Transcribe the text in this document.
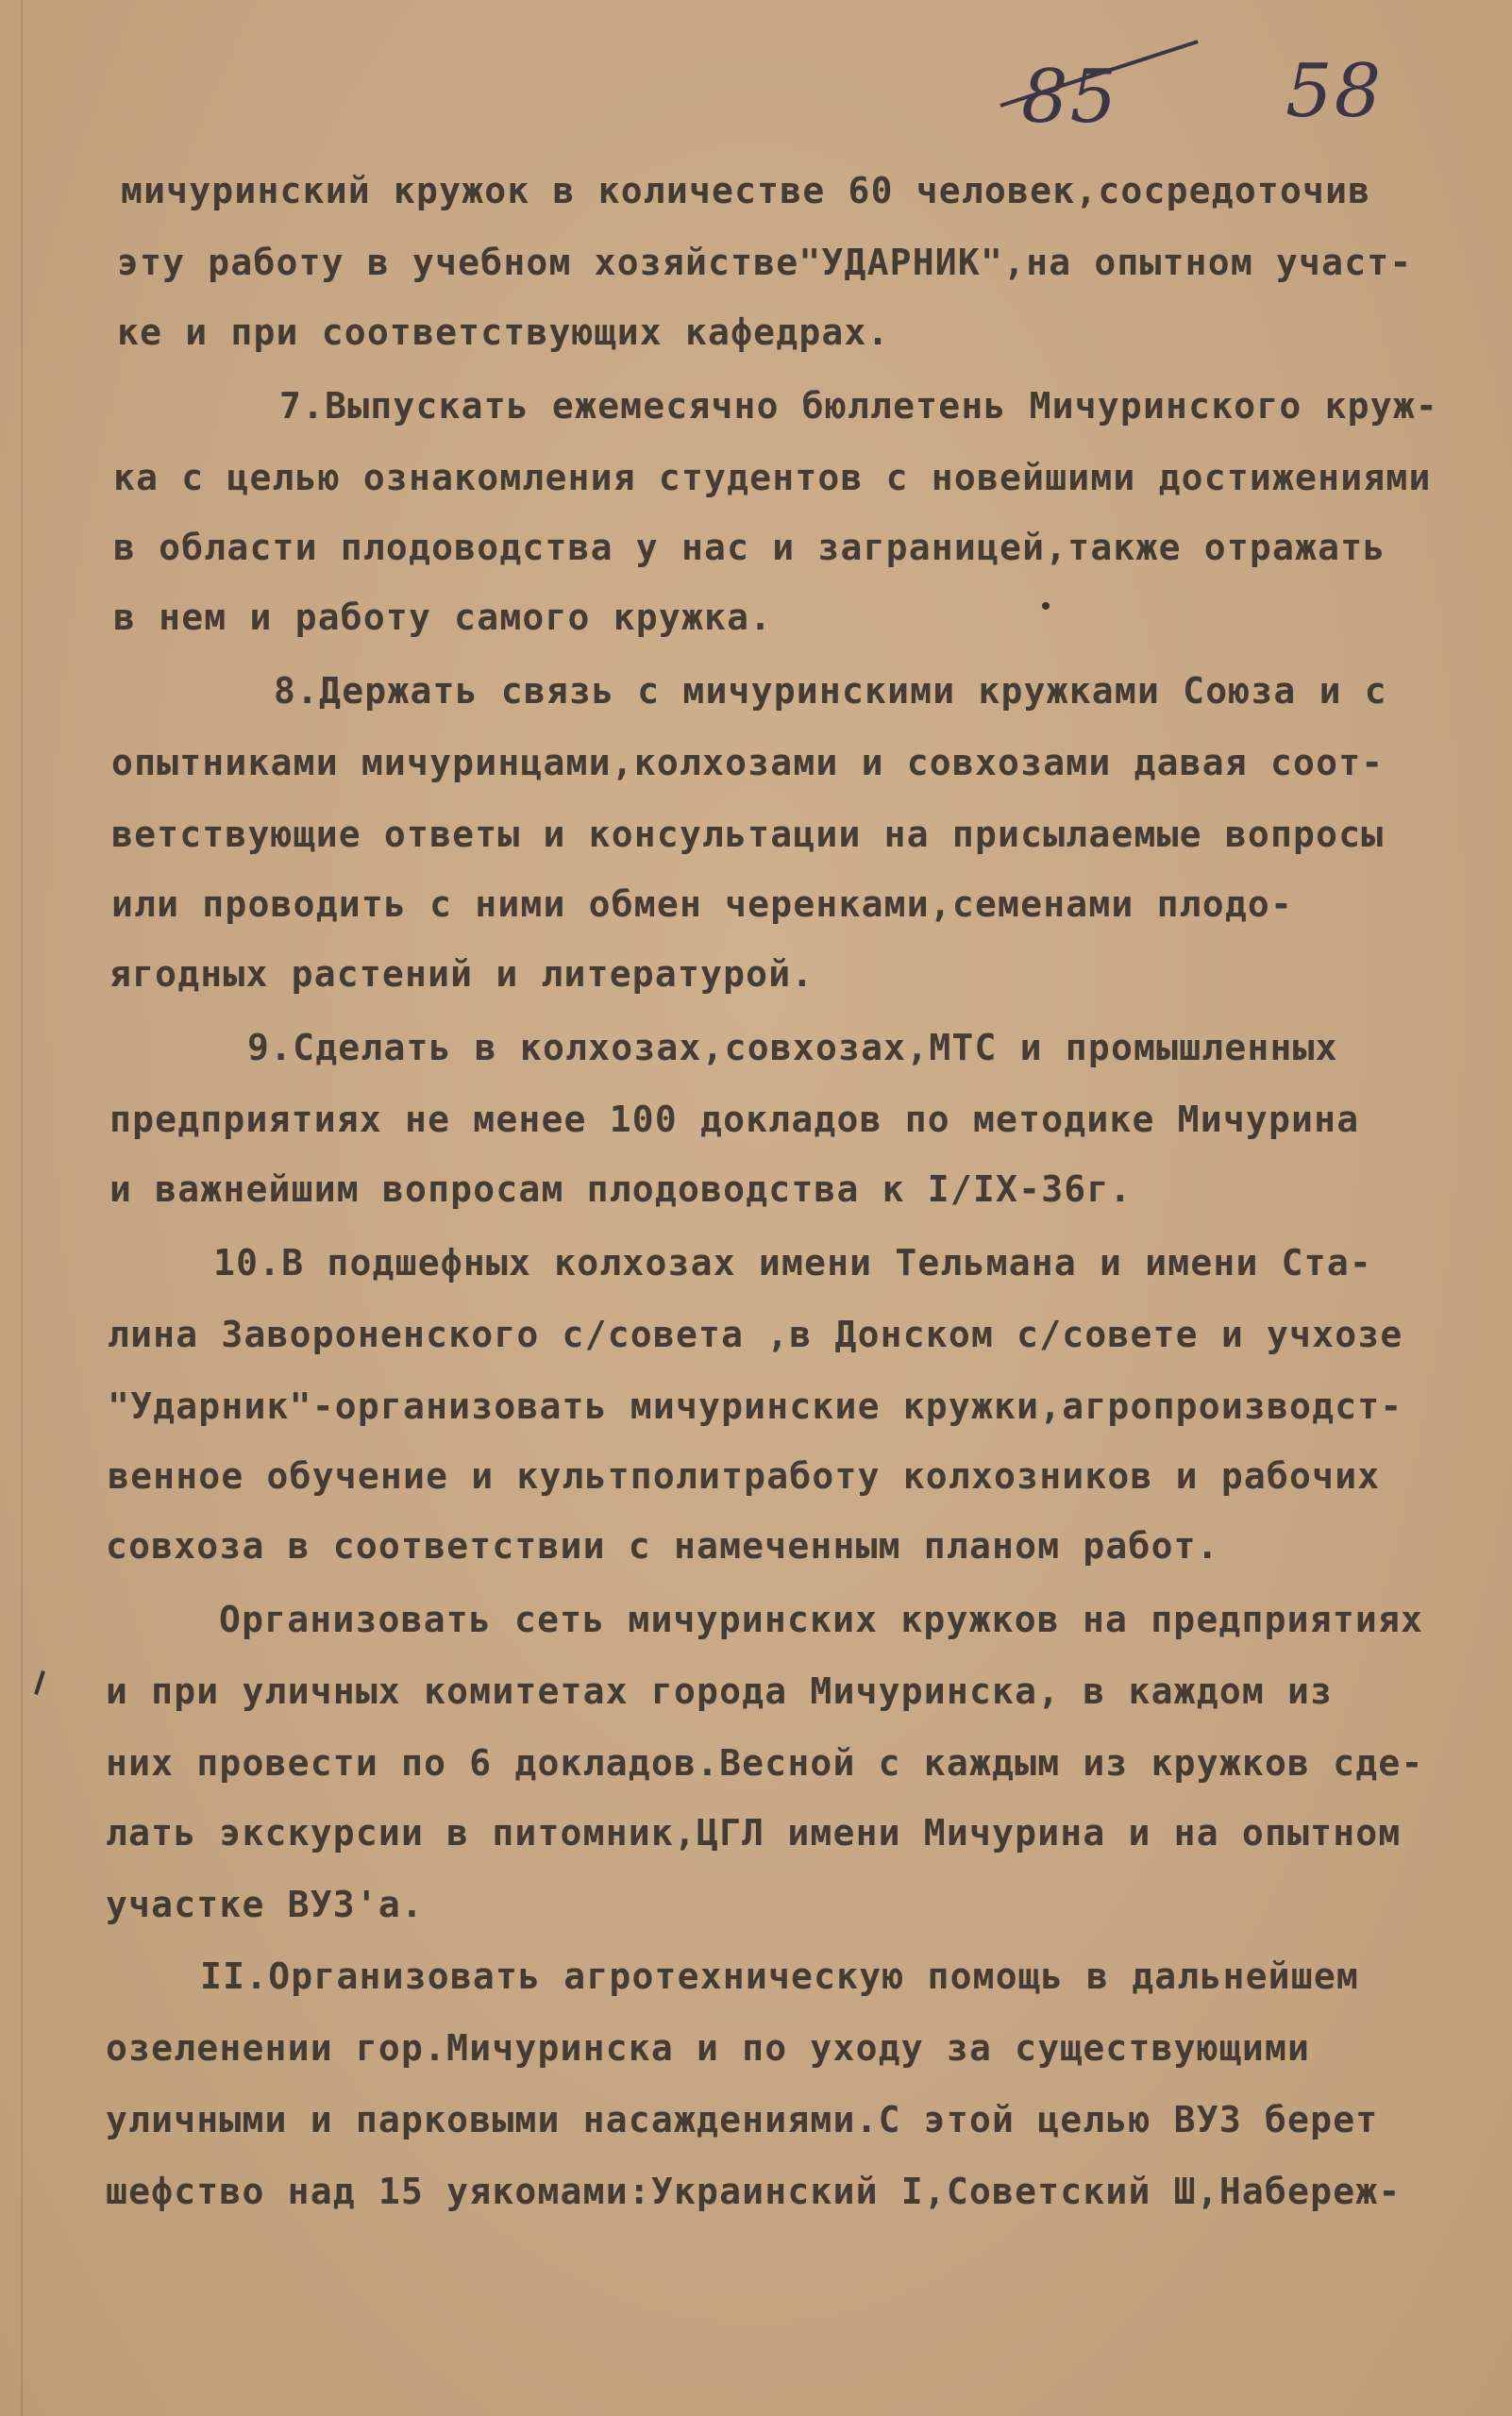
85 58
мичуринский кружок в количестве 60 человек,сосредоточив
эту работу в учебном хозяйстве"УДАРНИК",на опытном участ-
ке и при соответствующих кафедрах.
7.Выпускать ежемесячно бюллетень Мичуринского круж-
ка с целью ознакомления студентов с новейшими достижениями
в области плодоводства у нас и заграницей,также отражать
в нем и работу самого кружка.
8.Держать связь с мичуринскими кружками Союза и с
опытниками мичуринцами,колхозами и совхозами давая соот-
ветствующие ответы и консультации на присылаемые вопросы
или проводить с ними обмен черенками,семенами плодо-
ягодных растений и литературой.
9.Сделать в колхозах,совхозах,МТС и промышленных
предприятиях не менее 100 докладов по методике Мичурина
и важнейшим вопросам плодоводства к I/IX-36г.
10.В подшефных колхозах имени Тельмана и имени Ста-
лина Завороненского с/совета ,в Донском с/совете и учхозе
"Ударник"-организовать мичуринские кружки,агропроизводст-
венное обучение и культполитработу колхозников и рабочих
совхоза в соответствии с намеченным планом работ.
Организовать сеть мичуринских кружков на предприятиях
и при уличных комитетах города Мичуринска, в каждом из
них провести по 6 докладов.Весной с каждым из кружков сде-
лать экскурсии в питомник,ЦГЛ имени Мичурина и на опытном
участке ВУЗ'а.
II.Организовать агротехническую помощь в дальнейшем
озеленении гор.Мичуринска и по уходу за существующими
уличными и парковыми насаждениями.С этой целью ВУЗ берет
шефство над 15 уякомами:Украинский I,Советский Ш,Набереж-
